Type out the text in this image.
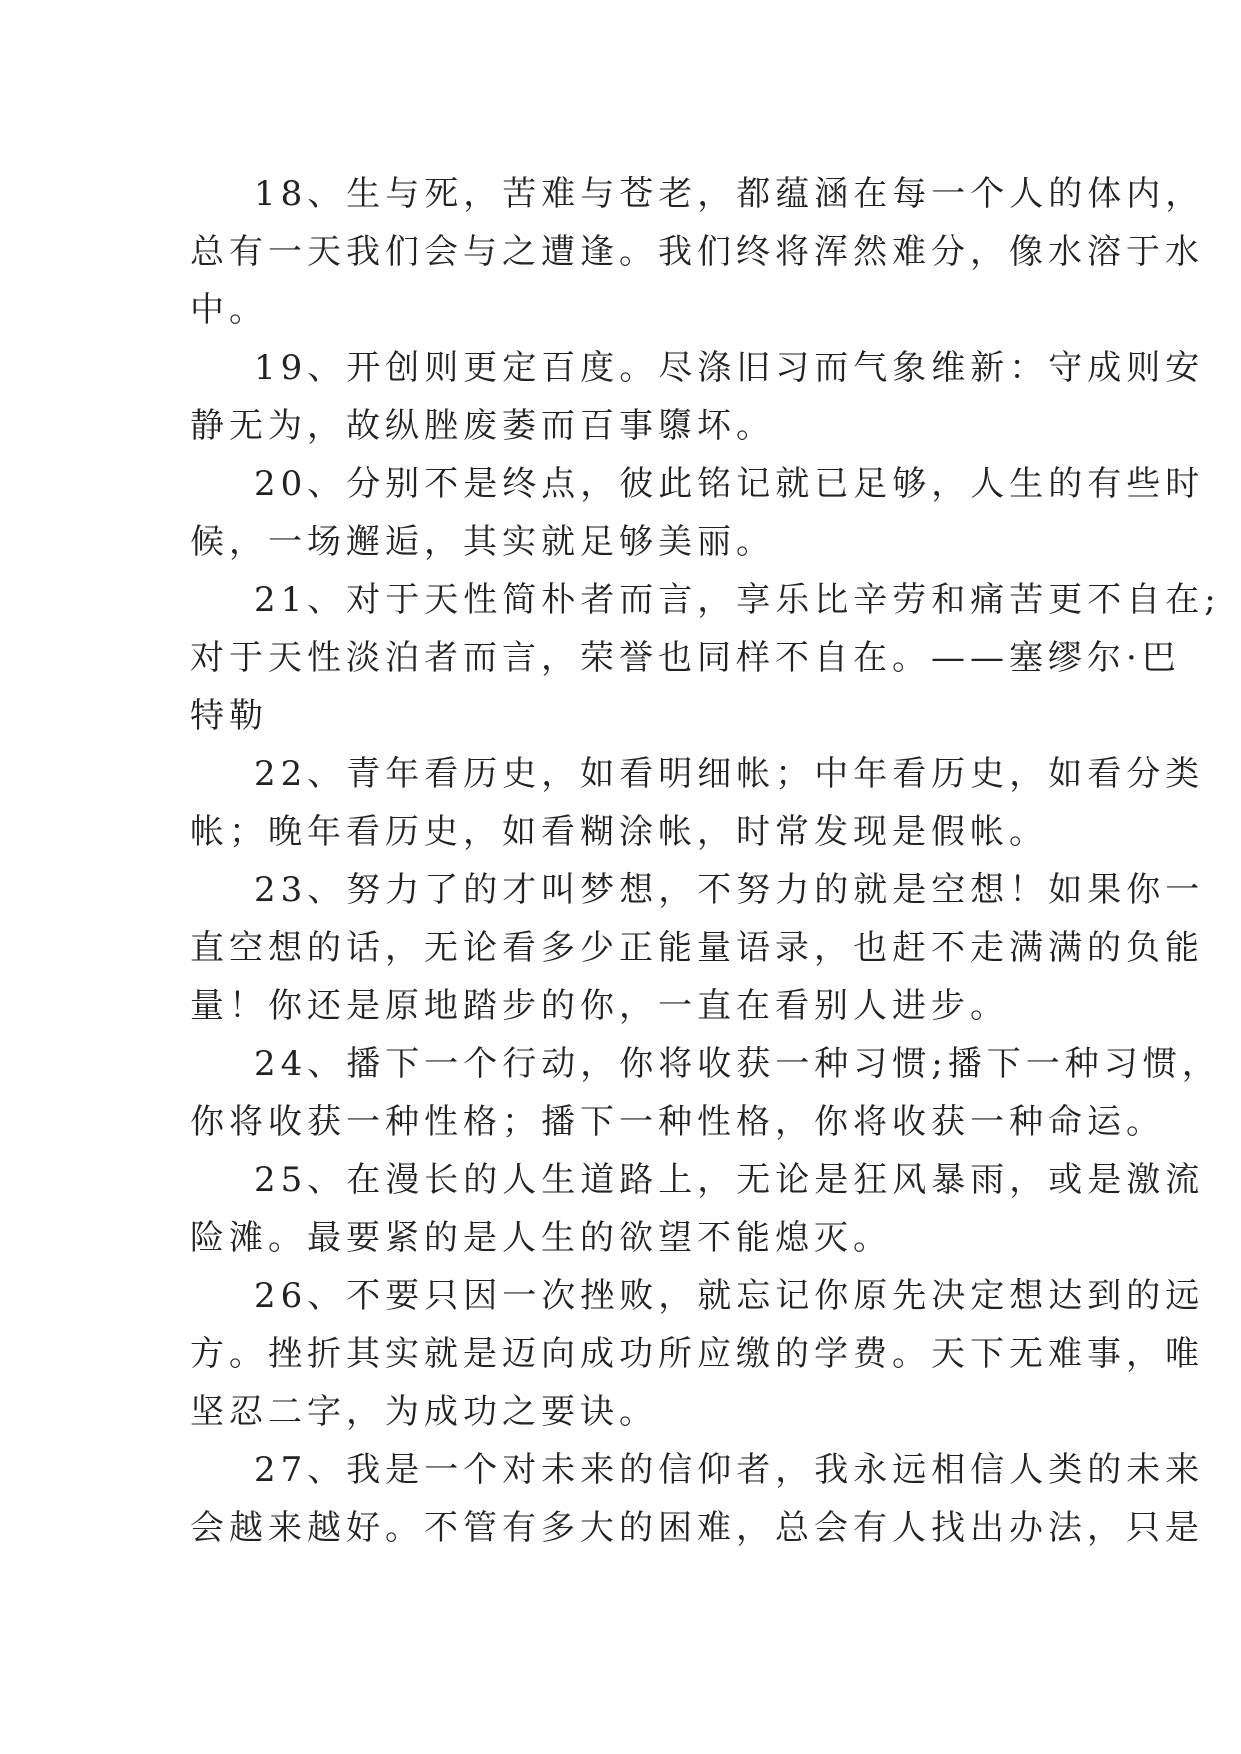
18、生与死，苦难与苍老，都蕴涵在每一个人的体内，
总有一天我们会与之遭逢。我们终将浑然难分，像水溶于水
中。

19、开创则更定百度。尽涤旧习而气象维新：守成则安
静无为，故纵脞废萎而百事隳坏。

20、分别不是终点，彼此铭记就已足够，人生的有些时
候，一场邂逅，其实就足够美丽。

21、对于天性简朴者而言，享乐比辛劳和痛苦更不自在;
对于天性淡泊者而言，荣誉也同样不自在。——塞缪尔·巴
特勒

22、青年看历史，如看明细帐；中年看历史，如看分类
帐；晚年看历史，如看糊涂帐，时常发现是假帐。

23、努力了的才叫梦想，不努力的就是空想！如果你一
直空想的话，无论看多少正能量语录，也赶不走满满的负能
量！你还是原地踏步的你，一直在看别人进步。

24、播下一个行动，你将收获一种习惯;播下一种习惯，
你将收获一种性格；播下一种性格，你将收获一种命运。

25、在漫长的人生道路上，无论是狂风暴雨，或是激流
险滩。最要紧的是人生的欲望不能熄灭。

26、不要只因一次挫败，就忘记你原先决定想达到的远
方。挫折其实就是迈向成功所应缴的学费。天下无难事，唯
坚忍二字，为成功之要诀。

27、我是一个对未来的信仰者，我永远相信人类的未来
会越来越好。不管有多大的困难，总会有人找出办法，只是
